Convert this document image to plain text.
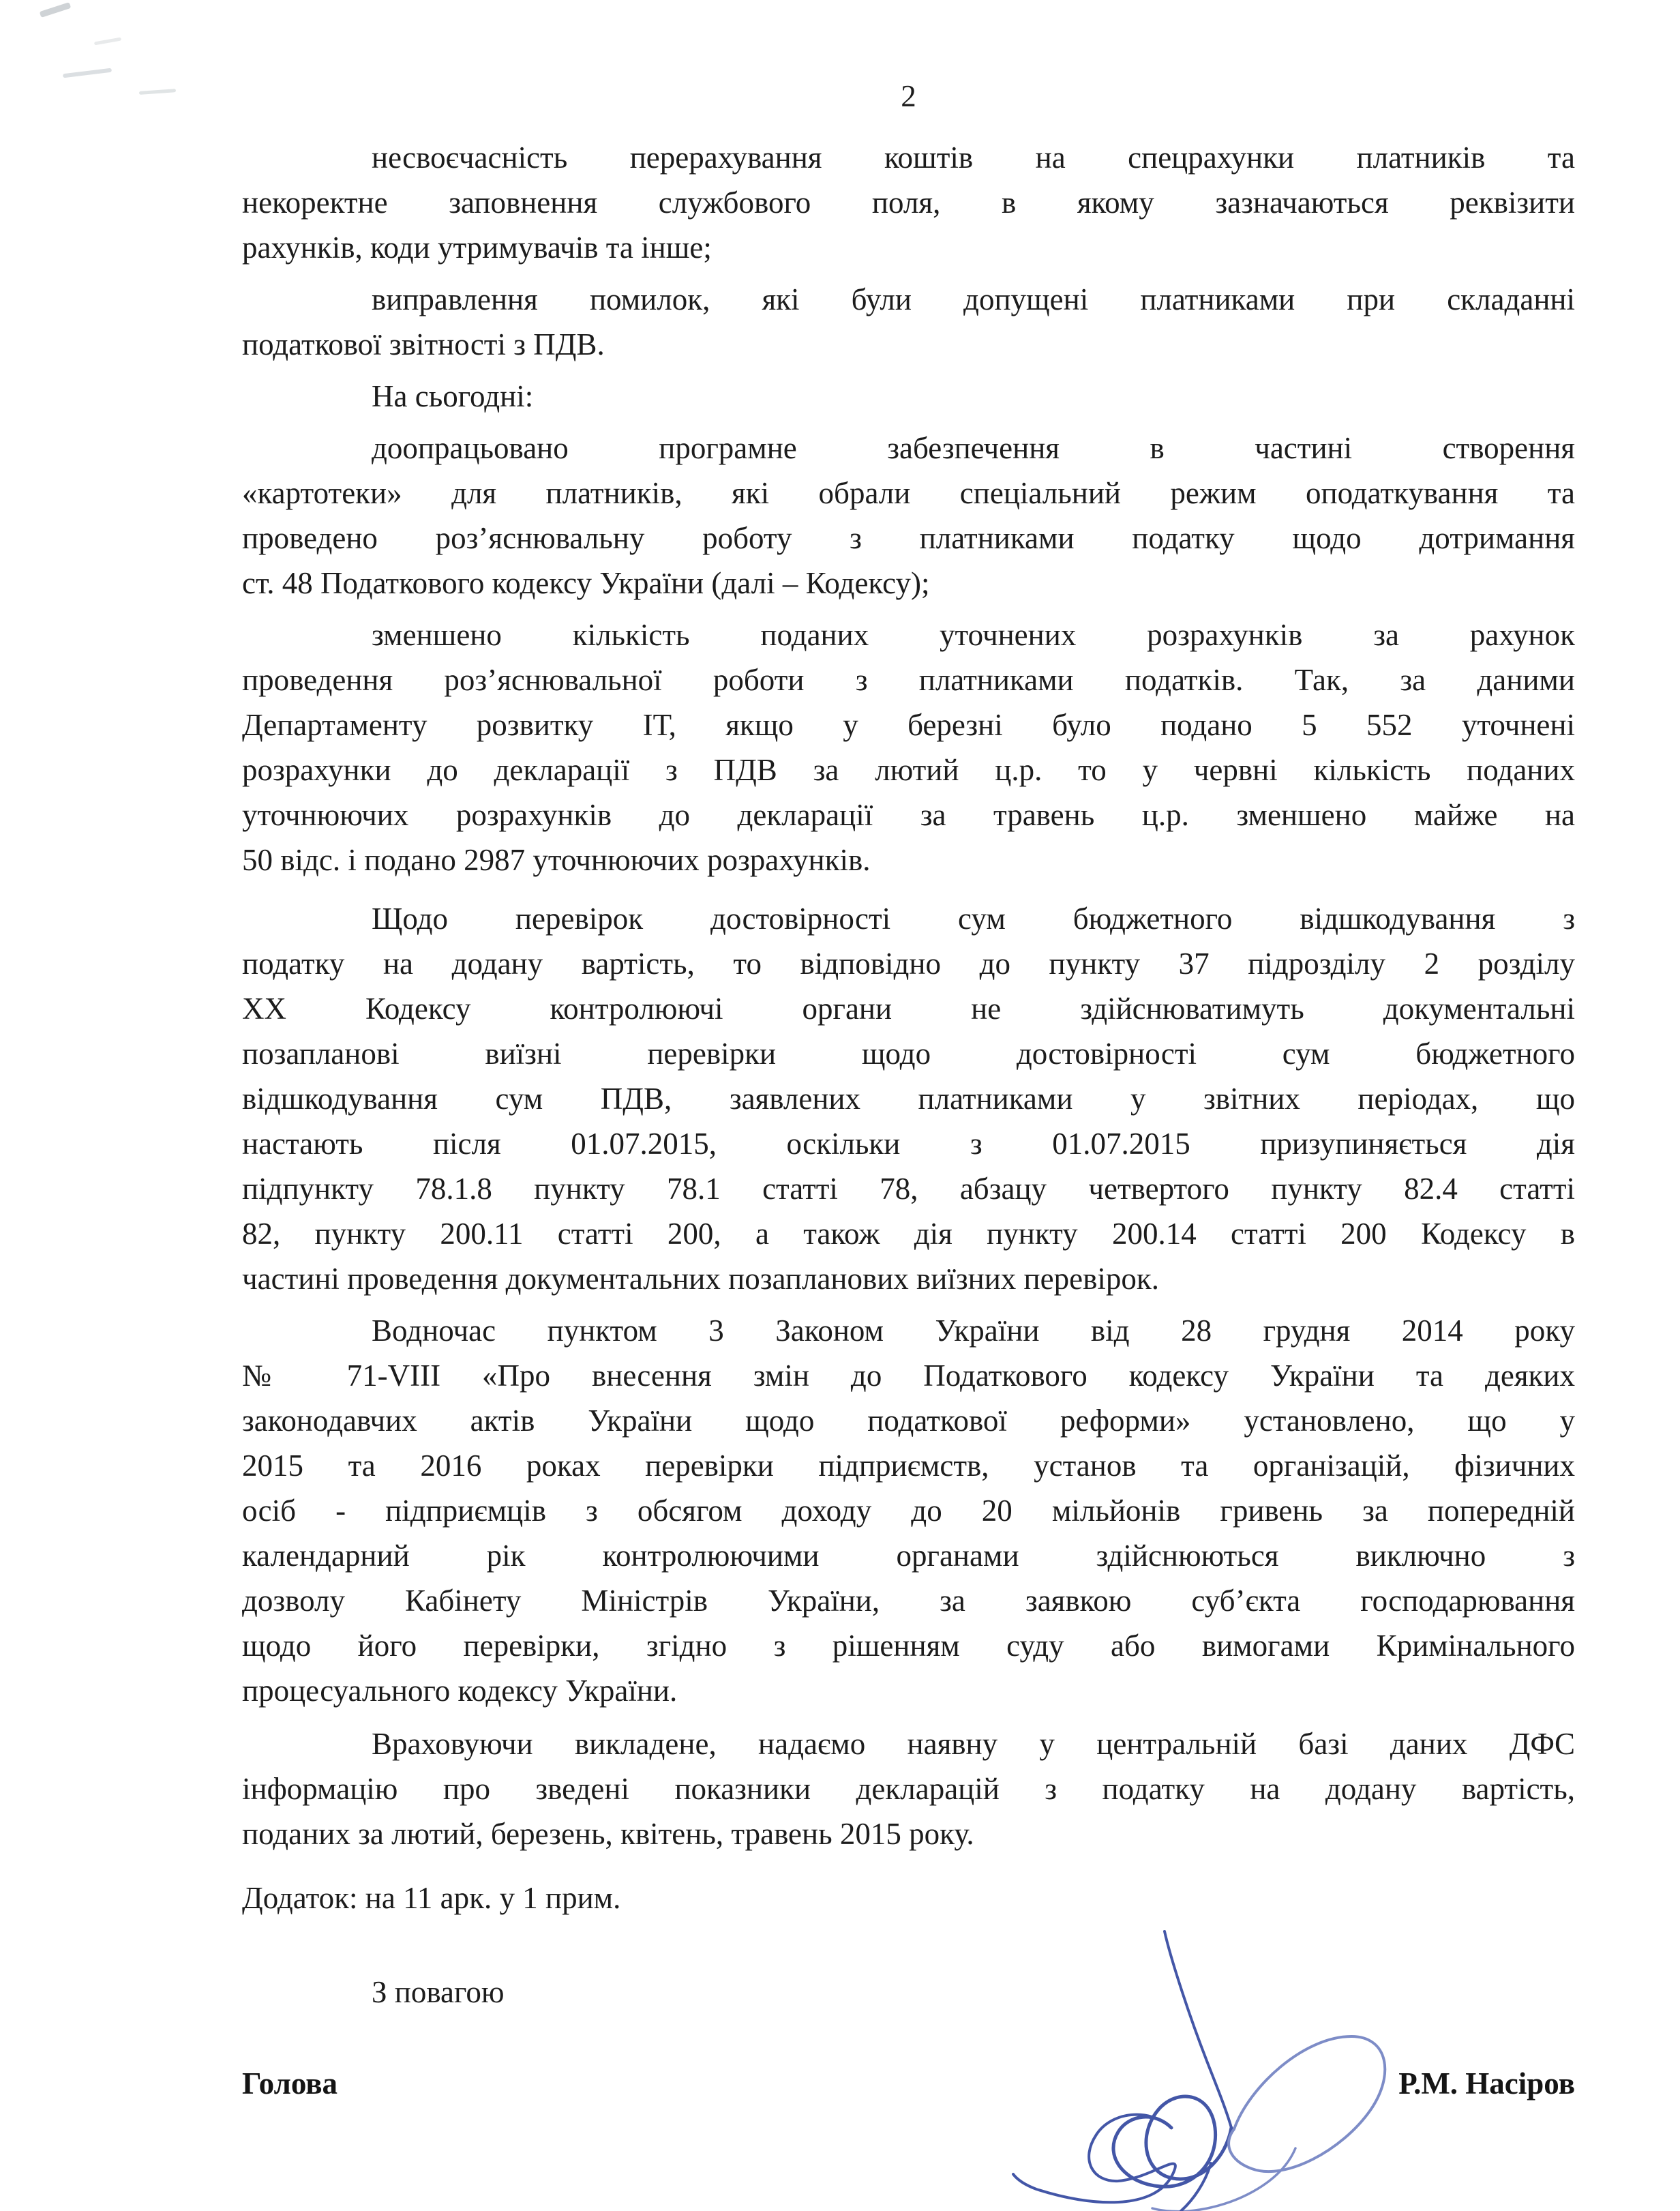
2
несвоєчасність перерахування коштів на спецрахунки платників та
некоректне заповнення службового поля, в якому зазначаються реквізити
рахунків, коди утримувачів та інше;
виправлення помилок, які були допущені платниками при складанні
податкової звітності з ПДВ.
На сьогодні:
доопрацьовано програмне забезпечення в частині створення
«картотеки» для платників, які обрали спеціальний режим оподаткування та
проведено роз’яснювальну роботу з платниками податку щодо дотримання
ст. 48 Податкового кодексу України (далі – Кодексу);
зменшено кількість поданих уточнених розрахунків за рахунок
проведення роз’яснювальної роботи з платниками податків. Так, за даними
Департаменту розвитку ІТ, якщо у березні було подано 5 552 уточнені
розрахунки до декларації з ПДВ за лютий ц.р. то у червні кількість поданих
уточнюючих розрахунків до декларації за травень ц.р. зменшено майже на
50 відс. і подано 2987 уточнюючих розрахунків.
Щодо перевірок достовірності сум бюджетного відшкодування з
податку на додану вартість, то відповідно до пункту 37 підрозділу 2 розділу
ХХ Кодексу контролюючі органи не здійснюватимуть документальні
позапланові виїзні перевірки щодо достовірності сум бюджетного
відшкодування сум ПДВ, заявлених платниками у звітних періодах, що
настають після 01.07.2015, оскільки з 01.07.2015 призупиняється дія
підпункту 78.1.8 пункту 78.1 статті 78, абзацу четвертого пункту 82.4 статті
82, пункту 200.11 статті 200, а також дія пункту 200.14 статті 200 Кодексу в
частині проведення документальних позапланових виїзних перевірок.
Водночас пунктом 3 Законом України від 28 грудня 2014 року
№ 71-VIII «Про внесення змін до Податкового кодексу України та деяких
законодавчих актів України щодо податкової реформи» установлено, що у
2015 та 2016 роках перевірки підприємств, установ та організацій, фізичних
осіб - підприємців з обсягом доходу до 20 мільйонів гривень за попередній
календарний рік контролюючими органами здійснюються виключно з
дозволу Кабінету Міністрів України, за заявкою суб’єкта господарювання
щодо його перевірки, згідно з рішенням суду або вимогами Кримінального
процесуального кодексу України.
Враховуючи викладене, надаємо наявну у центральній базі даних ДФС
інформацію про зведені показники декларацій з податку на додану вартість,
поданих за лютий, березень, квітень, травень 2015 року.
Додаток: на 11 арк. у 1 прим.
З повагою
Голова	Р.М. Насіров
